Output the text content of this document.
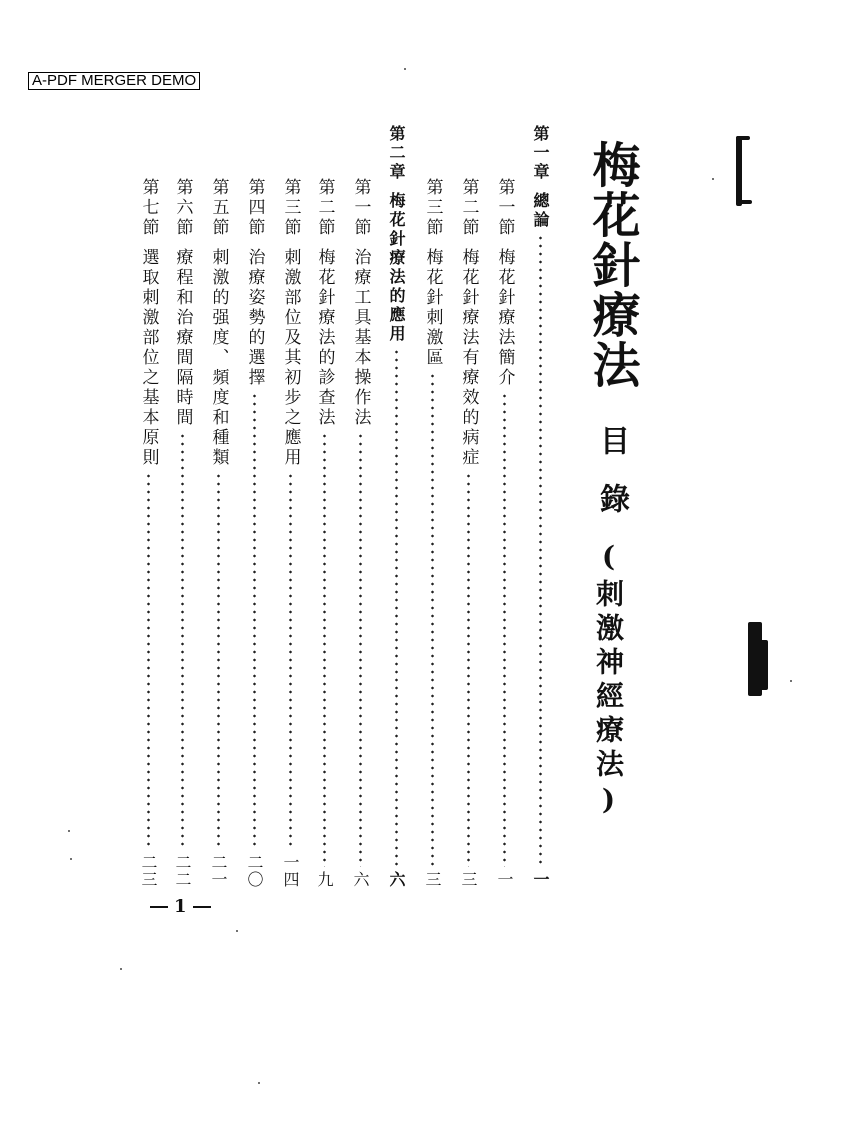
A-PDF MERGER DEMO
梅花針療法
目
錄
(刺激神經療法)
第一章
總論
一
第一節
梅花針療法簡介
一
第二節
梅花針療法有療效的病症
三
第三節
梅花針刺激區
三
第二章
梅花針療法的應用
六
第一節
治療工具基本操作法
六
第二節
梅花針療法的診查法
九
第三節
刺激部位及其初步之應用
一四
第四節
治療姿勢的選擇
二〇
第五節
刺激的强度、頻度和種類
二一
第六節
療程和治療間隔時間
二二
第七節
選取刺激部位之基本原則
二三
1
